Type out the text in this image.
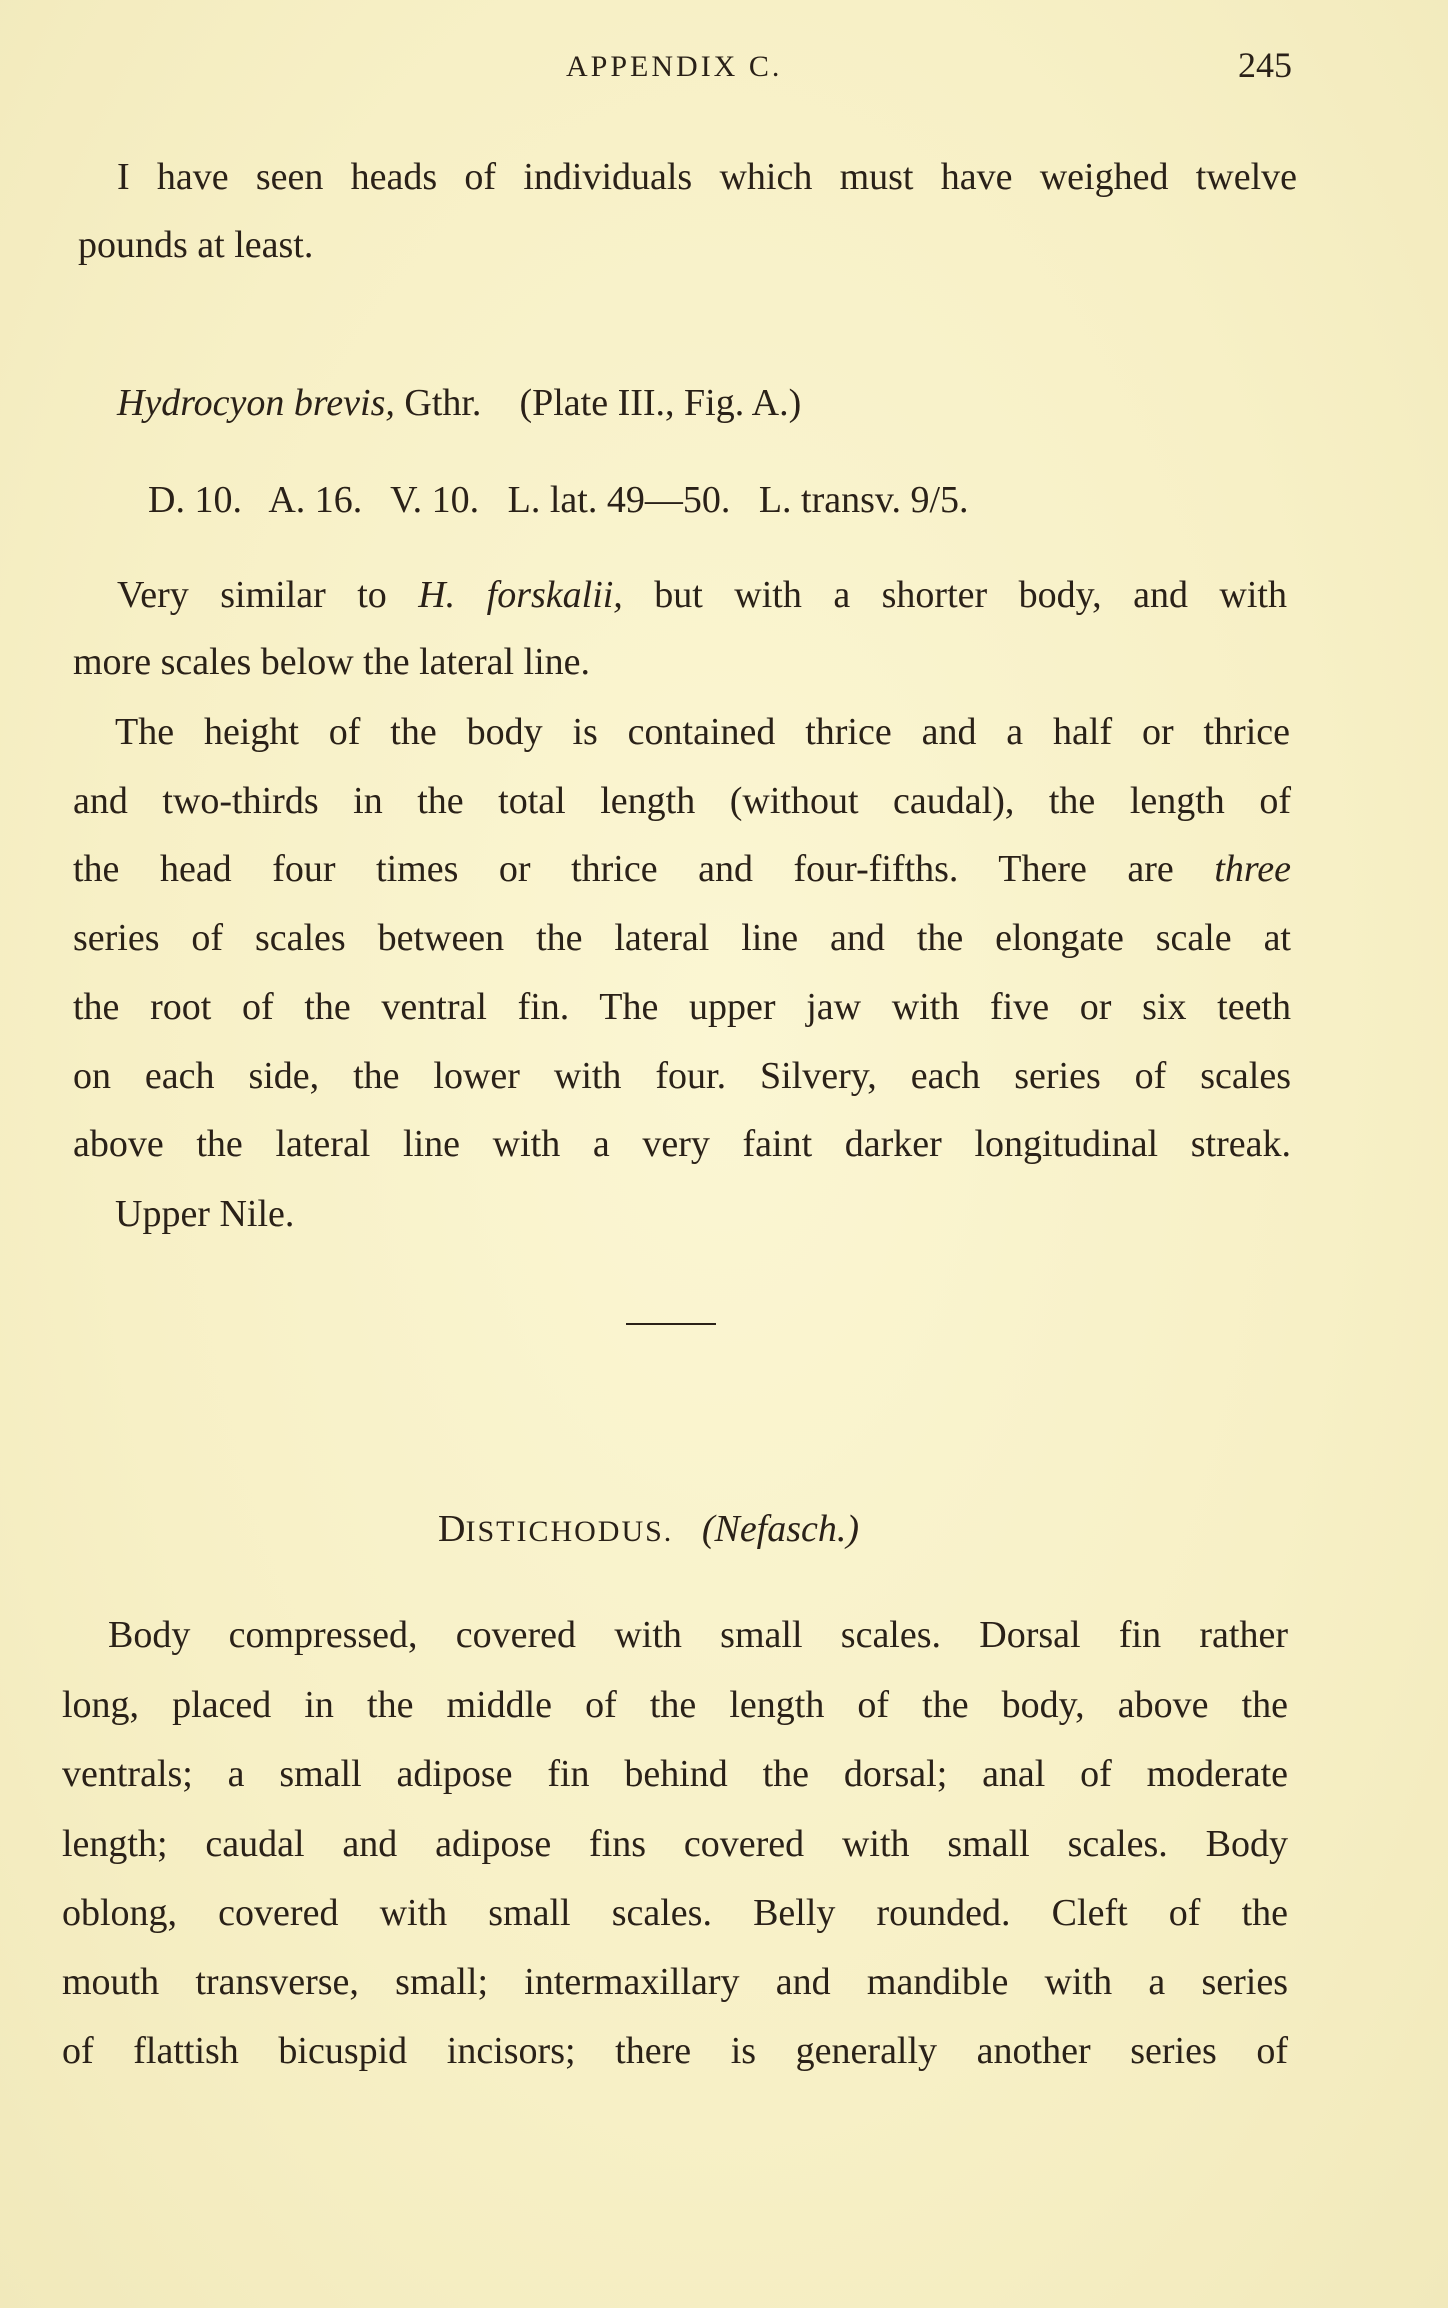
APPENDIX C.	245
I have seen heads of individuals which must have weighed twelve
pounds at least.
Hydrocyon brevis, Gthr. (Plate III., Fig. A.)
D. 10.   A. 16.   V. 10.   L. lat. 49—50.   L. transv. 9/5.
Very similar to H. forskalii, but with a shorter body, and with
more scales below the lateral line.
The height of the body is contained thrice and a half or thrice
and two-thirds in the total length (without caudal), the length of
the head four times or thrice and four-fifths. There are three
series of scales between the lateral line and the elongate scale at
the root of the ventral fin. The upper jaw with five or six teeth
on each side, the lower with four. Silvery, each series of scales
above the lateral line with a very faint darker longitudinal streak.
Upper Nile.
DISTICHODUS. (Nefasch.)
Body compressed, covered with small scales. Dorsal fin rather
long, placed in the middle of the length of the body, above the
ventrals; a small adipose fin behind the dorsal; anal of moderate
length; caudal and adipose fins covered with small scales. Body
oblong, covered with small scales. Belly rounded. Cleft of the
mouth transverse, small; intermaxillary and mandible with a series
of flattish bicuspid incisors; there is generally another series of
